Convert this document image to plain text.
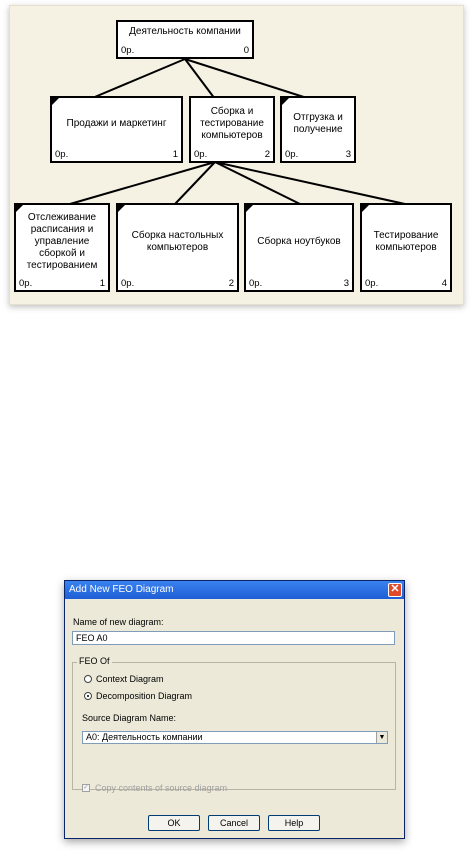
Деятельность компании
0р.	0
Продажи и маркетинг
0р.	1
Сборка и
тестирование
компьютеров
0р.	2
Отгрузка и
получение
0р.	3
Отслеживание
расписания и
управление
сборкой и
тестированием
0р.	1
Сборка настольных
компьютеров
0р.	2
Сборка ноутбуков
0р.	3
Тестирование
компьютеров
0р.	4
Add New FEO Diagram	✕
Name of new diagram:
FEO A0
FEO Of
Context Diagram
Decomposition Diagram
Source Diagram Name:
A0: Деятельность компании	▼
✓ Copy contents of source diagram
OK	Cancel	Help
